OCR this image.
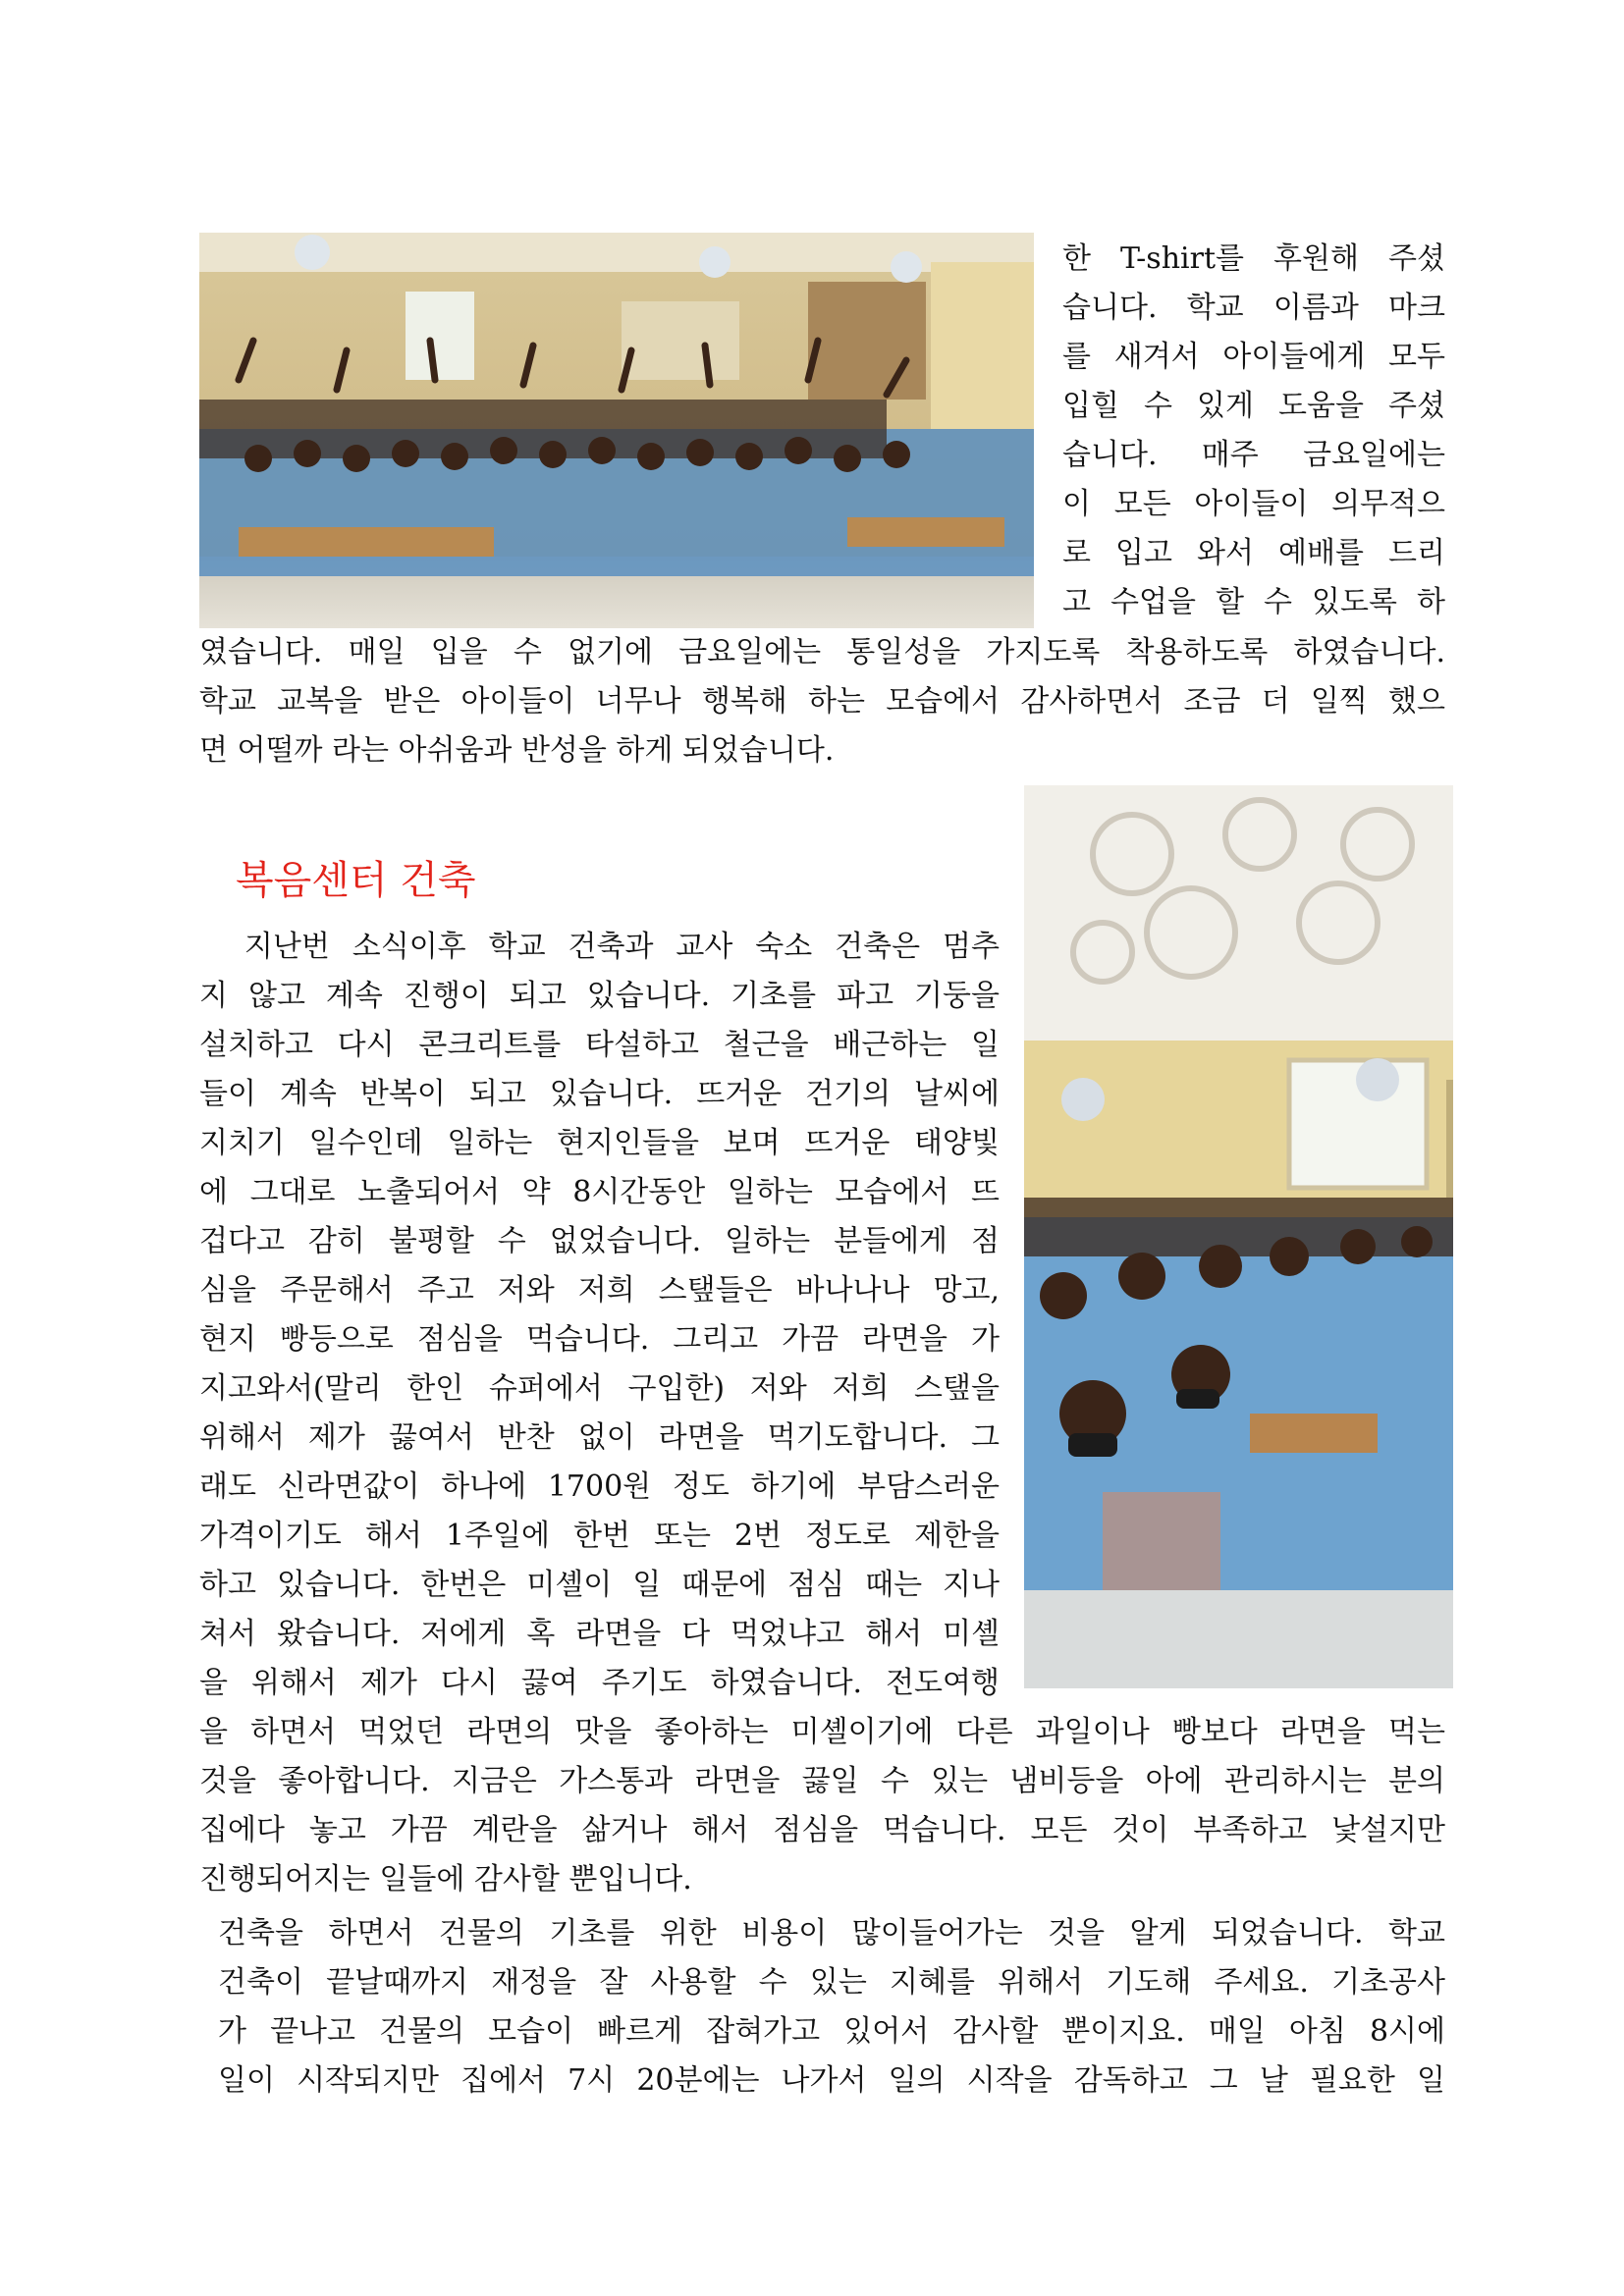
한 T-shirt를 후원해 주셨
습니다. 학교 이름과 마크
를 새겨서 아이들에게 모두
입힐 수 있게 도움을 주셨
습니다. 매주 금요일에는
이 모든 아이들이 의무적으
로 입고 와서 예배를 드리
고 수업을 할 수 있도록 하
였습니다. 매일 입을 수 없기에 금요일에는 통일성을 가지도록 착용하도록 하였습니다.
학교 교복을 받은 아이들이 너무나 행복해 하는 모습에서 감사하면서 조금 더 일찍 했으
면 어떨까 라는 아쉬움과 반성을 하게 되었습니다.
복음센터 건축
지난번 소식이후 학교 건축과 교사 숙소 건축은 멈추
지 않고 계속 진행이 되고 있습니다. 기초를 파고 기둥을
설치하고 다시 콘크리트를 타설하고 철근을 배근하는 일
들이 계속 반복이 되고 있습니다. 뜨거운 건기의 날씨에
지치기 일수인데 일하는 현지인들을 보며 뜨거운 태양빛
에 그대로 노출되어서 약 8시간동안 일하는 모습에서 뜨
겁다고 감히 불평할 수 없었습니다. 일하는 분들에게 점
심을 주문해서 주고 저와 저희 스탶들은 바나나나 망고,
현지 빵등으로 점심을 먹습니다. 그리고 가끔 라면을 가
지고와서(말리 한인 슈퍼에서 구입한) 저와 저희 스탶을
위해서 제가 끓여서 반찬 없이 라면을 먹기도합니다. 그
래도 신라면값이 하나에 1700원 정도 하기에 부담스러운
가격이기도 해서 1주일에 한번 또는 2번 정도로 제한을
하고 있습니다. 한번은 미셸이 일 때문에 점심 때는 지나
쳐서 왔습니다. 저에게 혹 라면을 다 먹었냐고 해서 미셸
을 위해서 제가 다시 끓여 주기도 하였습니다. 전도여행
을 하면서 먹었던 라면의 맛을 좋아하는 미셸이기에 다른 과일이나 빵보다 라면을 먹는
것을 좋아합니다. 지금은 가스통과 라면을 끓일 수 있는 냄비등을 아에 관리하시는 분의
집에다 놓고 가끔 계란을 삶거나 해서 점심을 먹습니다. 모든 것이 부족하고 낯설지만
진행되어지는 일들에 감사할 뿐입니다.
건축을 하면서 건물의 기초를 위한 비용이 많이들어가는 것을 알게 되었습니다. 학교
건축이 끝날때까지 재정을 잘 사용할 수 있는 지혜를 위해서 기도해 주세요. 기초공사
가 끝나고 건물의 모습이 빠르게 잡혀가고 있어서 감사할 뿐이지요. 매일 아침 8시에
일이 시작되지만 집에서 7시 20분에는 나가서 일의 시작을 감독하고 그 날 필요한 일
